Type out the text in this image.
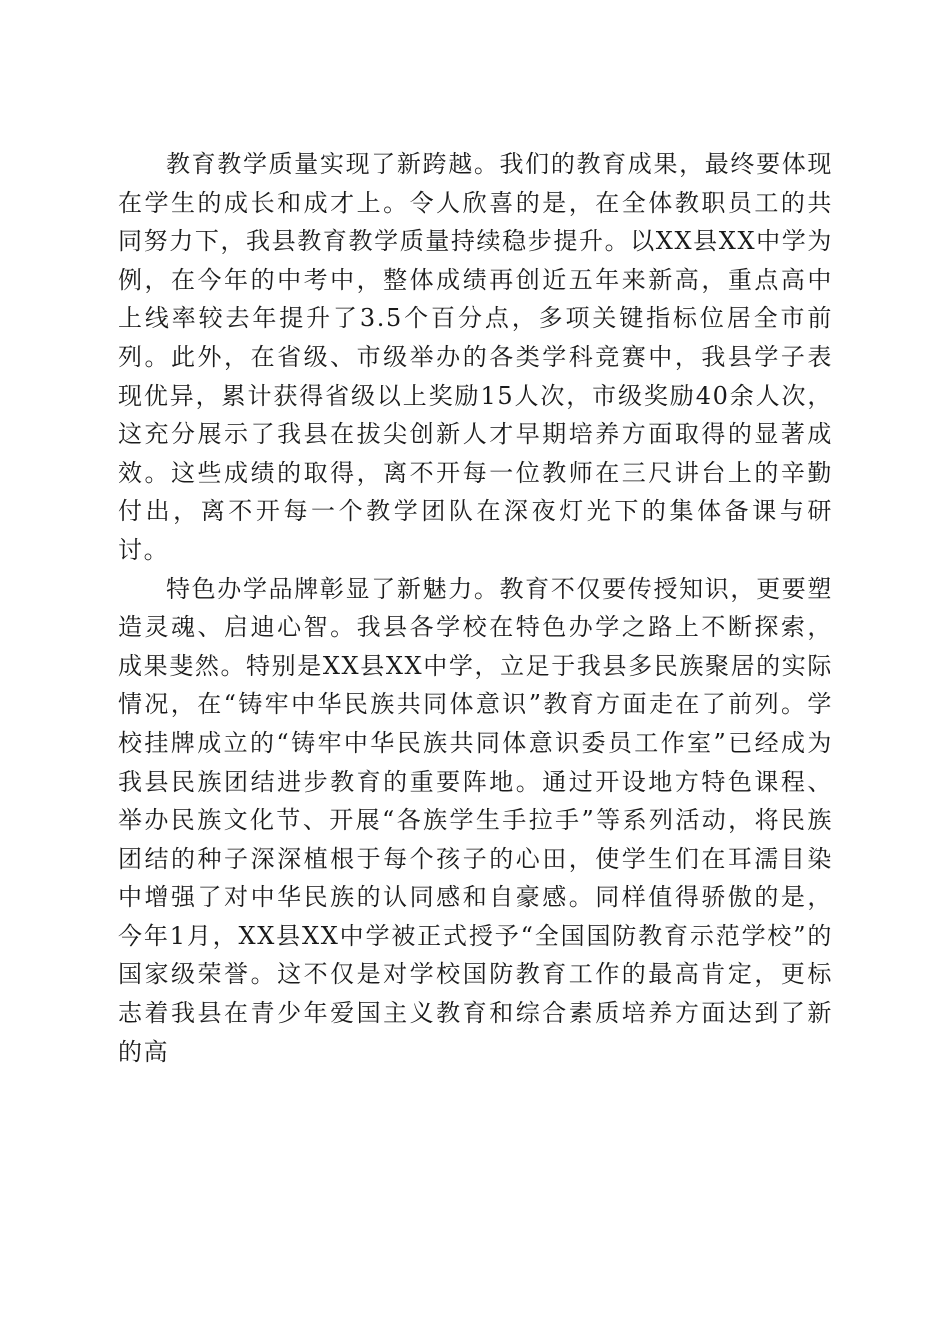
教育教学质量实现了新跨越。我们的教育成果，最终要体现在学生的成长和成才上。令人欣喜的是，在全体教职员工的共同努力下，我县教育教学质量持续稳步提升。以XX县XX中学为例，在今年的中考中，整体成绩再创近五年来新高，重点高中上线率较去年提升了3.5个百分点，多项关键指标位居全市前列。此外，在省级、市级举办的各类学科竞赛中，我县学子表现优异，累计获得省级以上奖励15人次，市级奖励40余人次，这充分展示了我县在拔尖创新人才早期培养方面取得的显著成效。这些成绩的取得，离不开每一位教师在三尺讲台上的辛勤付出，离不开每一个教学团队在深夜灯光下的集体备课与研讨。

特色办学品牌彰显了新魅力。教育不仅要传授知识，更要塑造灵魂、启迪心智。我县各学校在特色办学之路上不断探索，成果斐然。特别是XX县XX中学，立足于我县多民族聚居的实际情况，在“铸牢中华民族共同体意识”教育方面走在了前列。学校挂牌成立的“铸牢中华民族共同体意识委员工作室”已经成为我县民族团结进步教育的重要阵地。通过开设地方特色课程、举办民族文化节、开展“各族学生手拉手”等系列活动，将民族团结的种子深深植根于每个孩子的心田，使学生们在耳濡目染中增强了对中华民族的认同感和自豪感。同样值得骄傲的是，今年1月，XX县XX中学被正式授予“全国国防教育示范学校”的国家级荣誉。这不仅是对学校国防教育工作的最高肯定，更标志着我县在青少年爱国主义教育和综合素质培养方面达到了新的高
